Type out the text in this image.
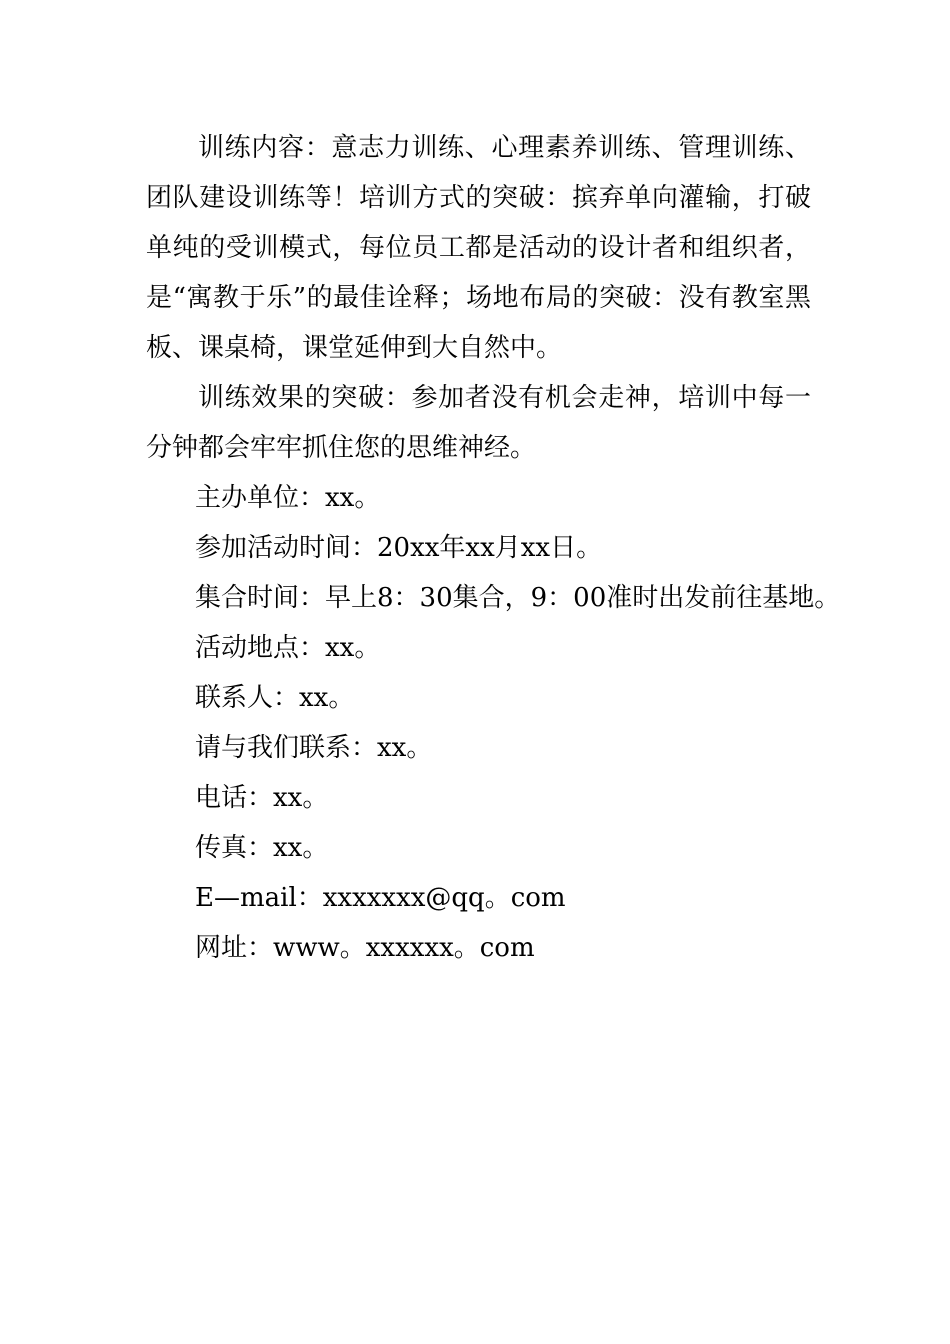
训练内容：意志力训练、心理素养训练、管理训练、团队建设训练等！培训方式的突破：摈弃单向灌输，打破单纯的受训模式，每位员工都是活动的设计者和组织者，是“寓教于乐”的最佳诠释；场地布局的突破：没有教室黑板、课桌椅，课堂延伸到大自然中。

训练效果的突破：参加者没有机会走神，培训中每一分钟都会牢牢抓住您的思维神经。

主办单位：xx。

参加活动时间：20xx年xx月xx日。

集合时间：早上8：30集合，9：00准时出发前往基地。

活动地点：xx。

联系人：xx。

请与我们联系：xx。

电话：xx。

传真：xx。

E—mail：xxxxxxx@qq。com

网址：www。xxxxxx。com
